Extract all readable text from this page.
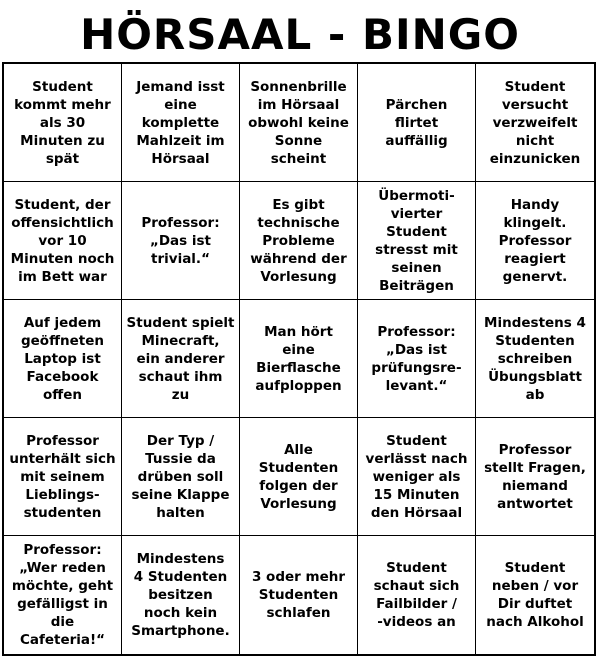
HÖRSAAL - BINGO
Student
kommt mehr
als 30
Minuten zu
spät
Jemand isst
eine
komplette
Mahlzeit im
Hörsaal
Sonnenbrille
im Hörsaal
obwohl keine
Sonne
scheint
Pärchen
flirtet
auffällig
Student
versucht
verzweifelt
nicht
einzunicken
Student, der
offensichtlich
vor 10
Minuten noch
im Bett war
Professor:
„Das ist
trivial.“
Es gibt
technische
Probleme
während der
Vorlesung
Übermoti-
vierter
Student
stresst mit
seinen
Beiträgen
Handy
klingelt.
Professor
reagiert
genervt.
Auf jedem
geöffneten
Laptop ist
Facebook
offen
Student spielt
Minecraft,
ein anderer
schaut ihm
zu
Man hört
eine
Bierflasche
aufploppen
Professor:
„Das ist
prüfungsre-
levant.“
Mindestens 4
Studenten
schreiben
Übungsblatt
ab
Professor
unterhält sich
mit seinem
Lieblings-
studenten
Der Typ /
Tussie da
drüben soll
seine Klappe
halten
Alle
Studenten
folgen der
Vorlesung
Student
verlässt nach
weniger als
15 Minuten
den Hörsaal
Professor
stellt Fragen,
niemand
antwortet
Professor:
„Wer reden
möchte, geht
gefälligst in
die
Cafeteria!“
Mindestens
4 Studenten
besitzen
noch kein
Smartphone.
3 oder mehr
Studenten
schlafen
Student
schaut sich
Failbilder /
-videos an
Student
neben / vor
Dir duftet
nach Alkohol
